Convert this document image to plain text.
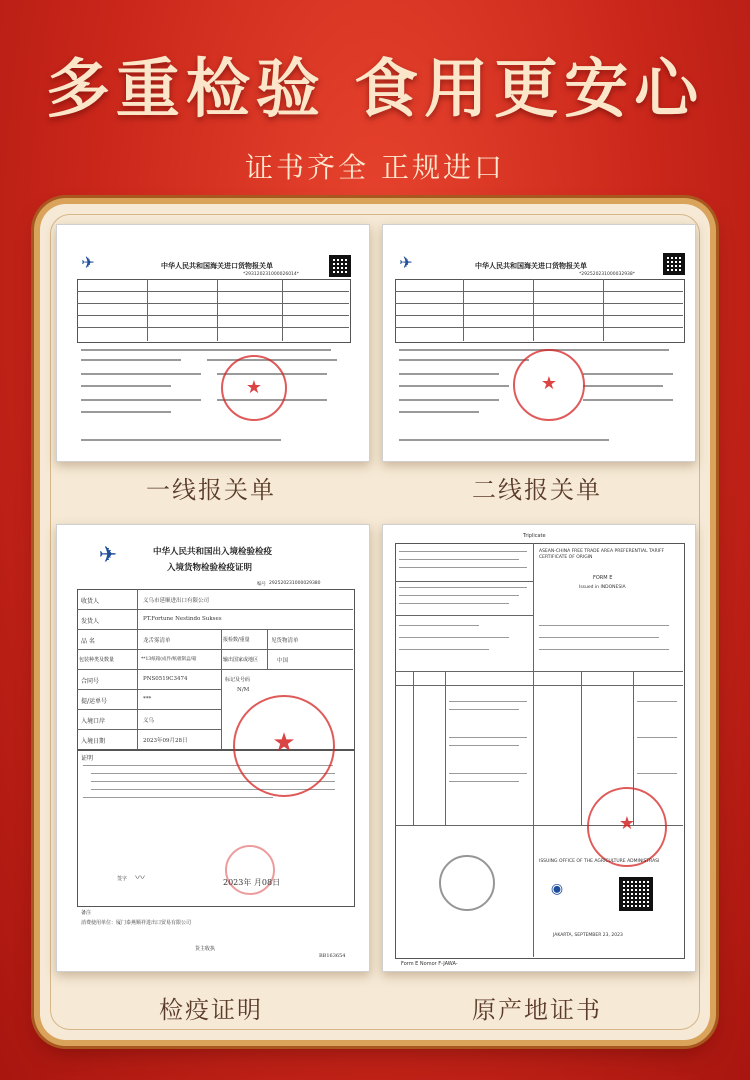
多重检验 食用更安心
证书齐全 正规进口
✈	中华人民共和国海关进口货物报关单
*293120231000026014*
★
一线报关单
✈	中华人民共和国海关进口货物报关单
*292520231000032938*
★
二线报关单
✈	中华人民共和国出入境检验检疫
入境货物检验检疫证明
编号 292520231000029380
收货人	义乌市延顺进出口有限公司
发货人	PT.Fortune Nestindo Sukses
品 名	龙舌雾清单	报检数/重量	见货物清单
包装种类及数量	**13纸箱(成件/纸板制盒/箱	输出国家或地区	中国
合同号	PNS0519C3474	标记及号码
N/M
提/运单号	***
入境口岸	义乌
入境日期	2023年09月28日
证明
★
签字 〰	2023年 月08日
备注
消费使用单位：厦门泰燕顺祥进出口贸易有限公司
货主收执
BB163654
检疫证明
Triplicate
ASEAN-CHINA FREE TRADE AREA PREFERENTIAL TARIFF CERTIFICATE OF ORIGIN
FORM E
Issued in INDONESIA
★
ISSUING OFFICE OF THE AGRICULTURE ADMINISTRASI
◉
JAKARTA, SEPTEMBER 23, 2023
Form E Nomor F-JAWA-
原产地证书
